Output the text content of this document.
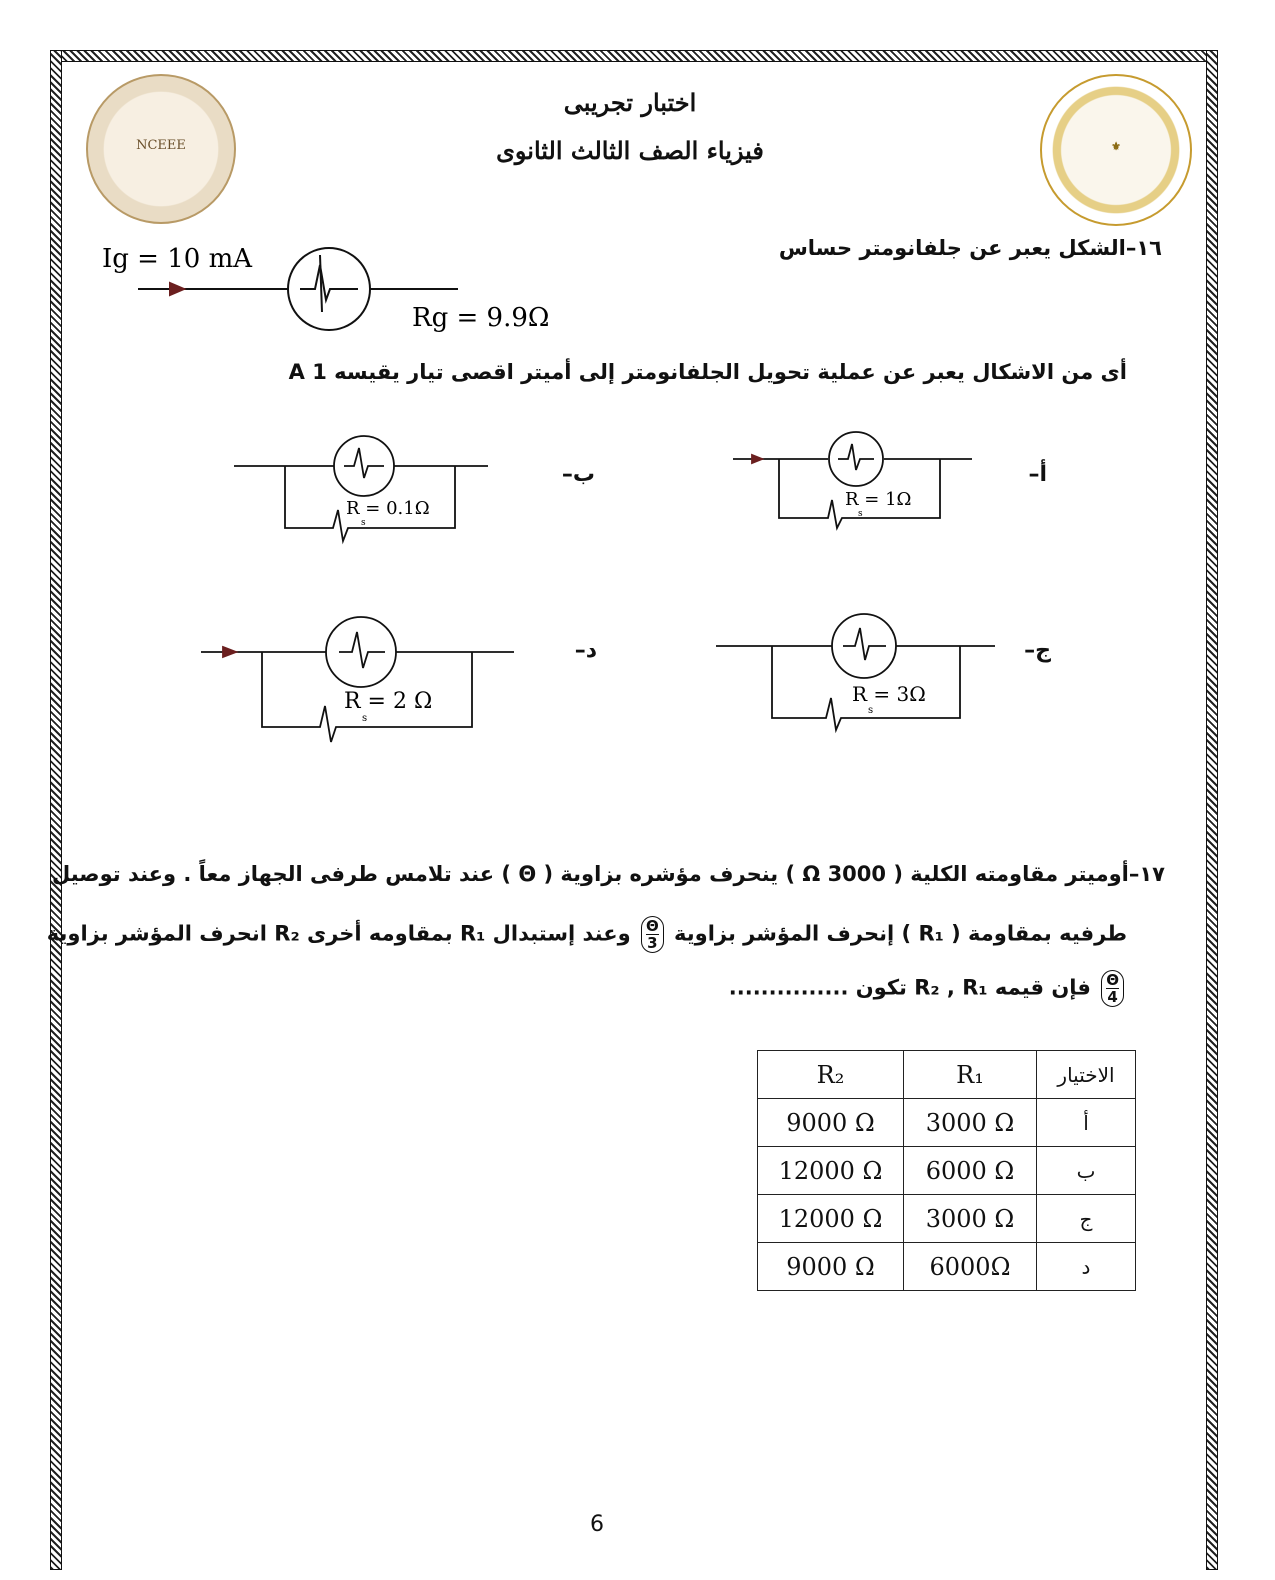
NCEEE	⚜
اختبار تجريبى
فيزياء الصف الثالث الثانوى
١٦–الشكل يعبر عن جلفانومتر حساس
أى من الاشكال يعبر عن عملية تحويل الجلفانومتر إلى أميتر اقصى تيار يقيسه 1 A
Ig = 10 mA
Rg = 9.9Ω
R = 1Ω
s
R = 0.1Ω
s
R = 3Ω
s
R = 2 Ω
s
أ–
ب–
ج–
د–
١٧–أوميتر مقاومته الكلية ( 3000 Ω ) ينحرف مؤشره بزاوية ( Θ ) عند تلامس طرفى الجهاز معاً . وعند توصيل
طرفيه بمقاومة ( R₁ ) إنحرف المؤشر بزاوية
$\frac{\Theta}{3}$ وعند إستبدال R₁ بمقاومه أخرى R₂ انحرف المؤشر بزاوية
$\frac{\Theta}{4}$ فإن قيمه R₂ , R₁ تكون ...............
R₂	R₁	الاختيار
9000 Ω	3000 Ω	أ
12000 Ω	6000 Ω	ب
12000 Ω	3000 Ω	ج
9000 Ω	6000Ω	د
6
